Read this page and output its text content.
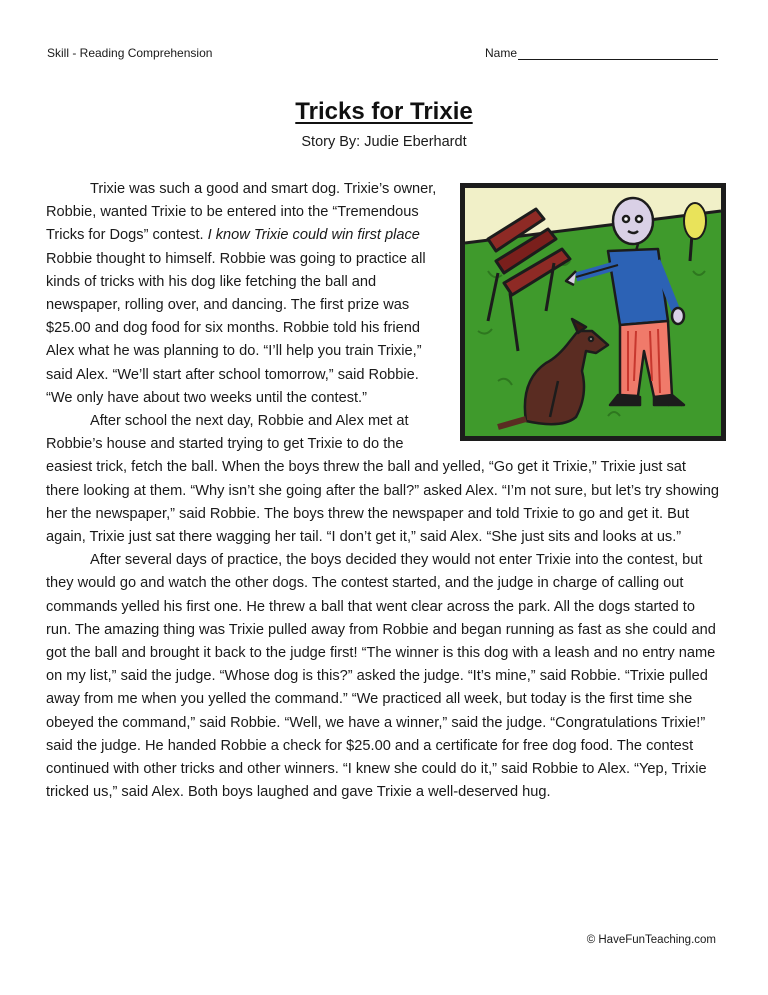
Skill - Reading Comprehension	Name
Tricks for Trixie
Story By: Judie Eberhardt

Trixie was such a good and smart dog. Trixie’s owner, Robbie, wanted Trixie to be entered into the “Tremendous Tricks for Dogs” contest. I know Trixie could win first place Robbie thought to himself. Robbie was going to practice all kinds of tricks with his dog like fetching the ball and newspaper, rolling over, and dancing. The first prize was $25.00 and dog food for six months. Robbie told his friend Alex what he was planning to do. “I’ll help you train Trixie,” said Alex. “We’ll start after school tomorrow,” said Robbie. “We only have about two weeks until the contest.”

After school the next day, Robbie and Alex met at Robbie’s house and started trying to get Trixie to do the easiest trick, fetch the ball. When the boys threw the ball and yelled, “Go get it Trixie,” Trixie just sat there looking at them. “Why isn’t she going after the ball?” asked Alex. “I’m not sure, but let’s try showing her the newspaper,” said Robbie. The boys threw the newspaper and told Trixie to go and get it. But again, Trixie just sat there wagging her tail. “I don’t get it,” said Alex. “She just sits and looks at us.”

After several days of practice, the boys decided they would not enter Trixie into the contest, but they would go and watch the other dogs. The contest started, and the judge in charge of calling out commands yelled his first one. He threw a ball that went clear across the park. All the dogs started to run. The amazing thing was Trixie pulled away from Robbie and began running as fast as she could and got the ball and brought it back to the judge first! “The winner is this dog with a leash and no entry name on my list,” said the judge. “Whose dog is this?” asked the judge. “It’s mine,” said Robbie. “Trixie pulled away from me when you yelled the command.” “We practiced all week, but today is the first time she obeyed the command,” said Robbie. “Well, we have a winner,” said the judge. “Congratulations Trixie!” said the judge. He handed Robbie a check for $25.00 and a certificate for free dog food. The contest continued with other tricks and other winners. “I knew she could do it,” said Robbie to Alex. “Yep, Trixie tricked us,” said Alex. Both boys laughed and gave Trixie a well-deserved hug.

© HaveFunTeaching.com
